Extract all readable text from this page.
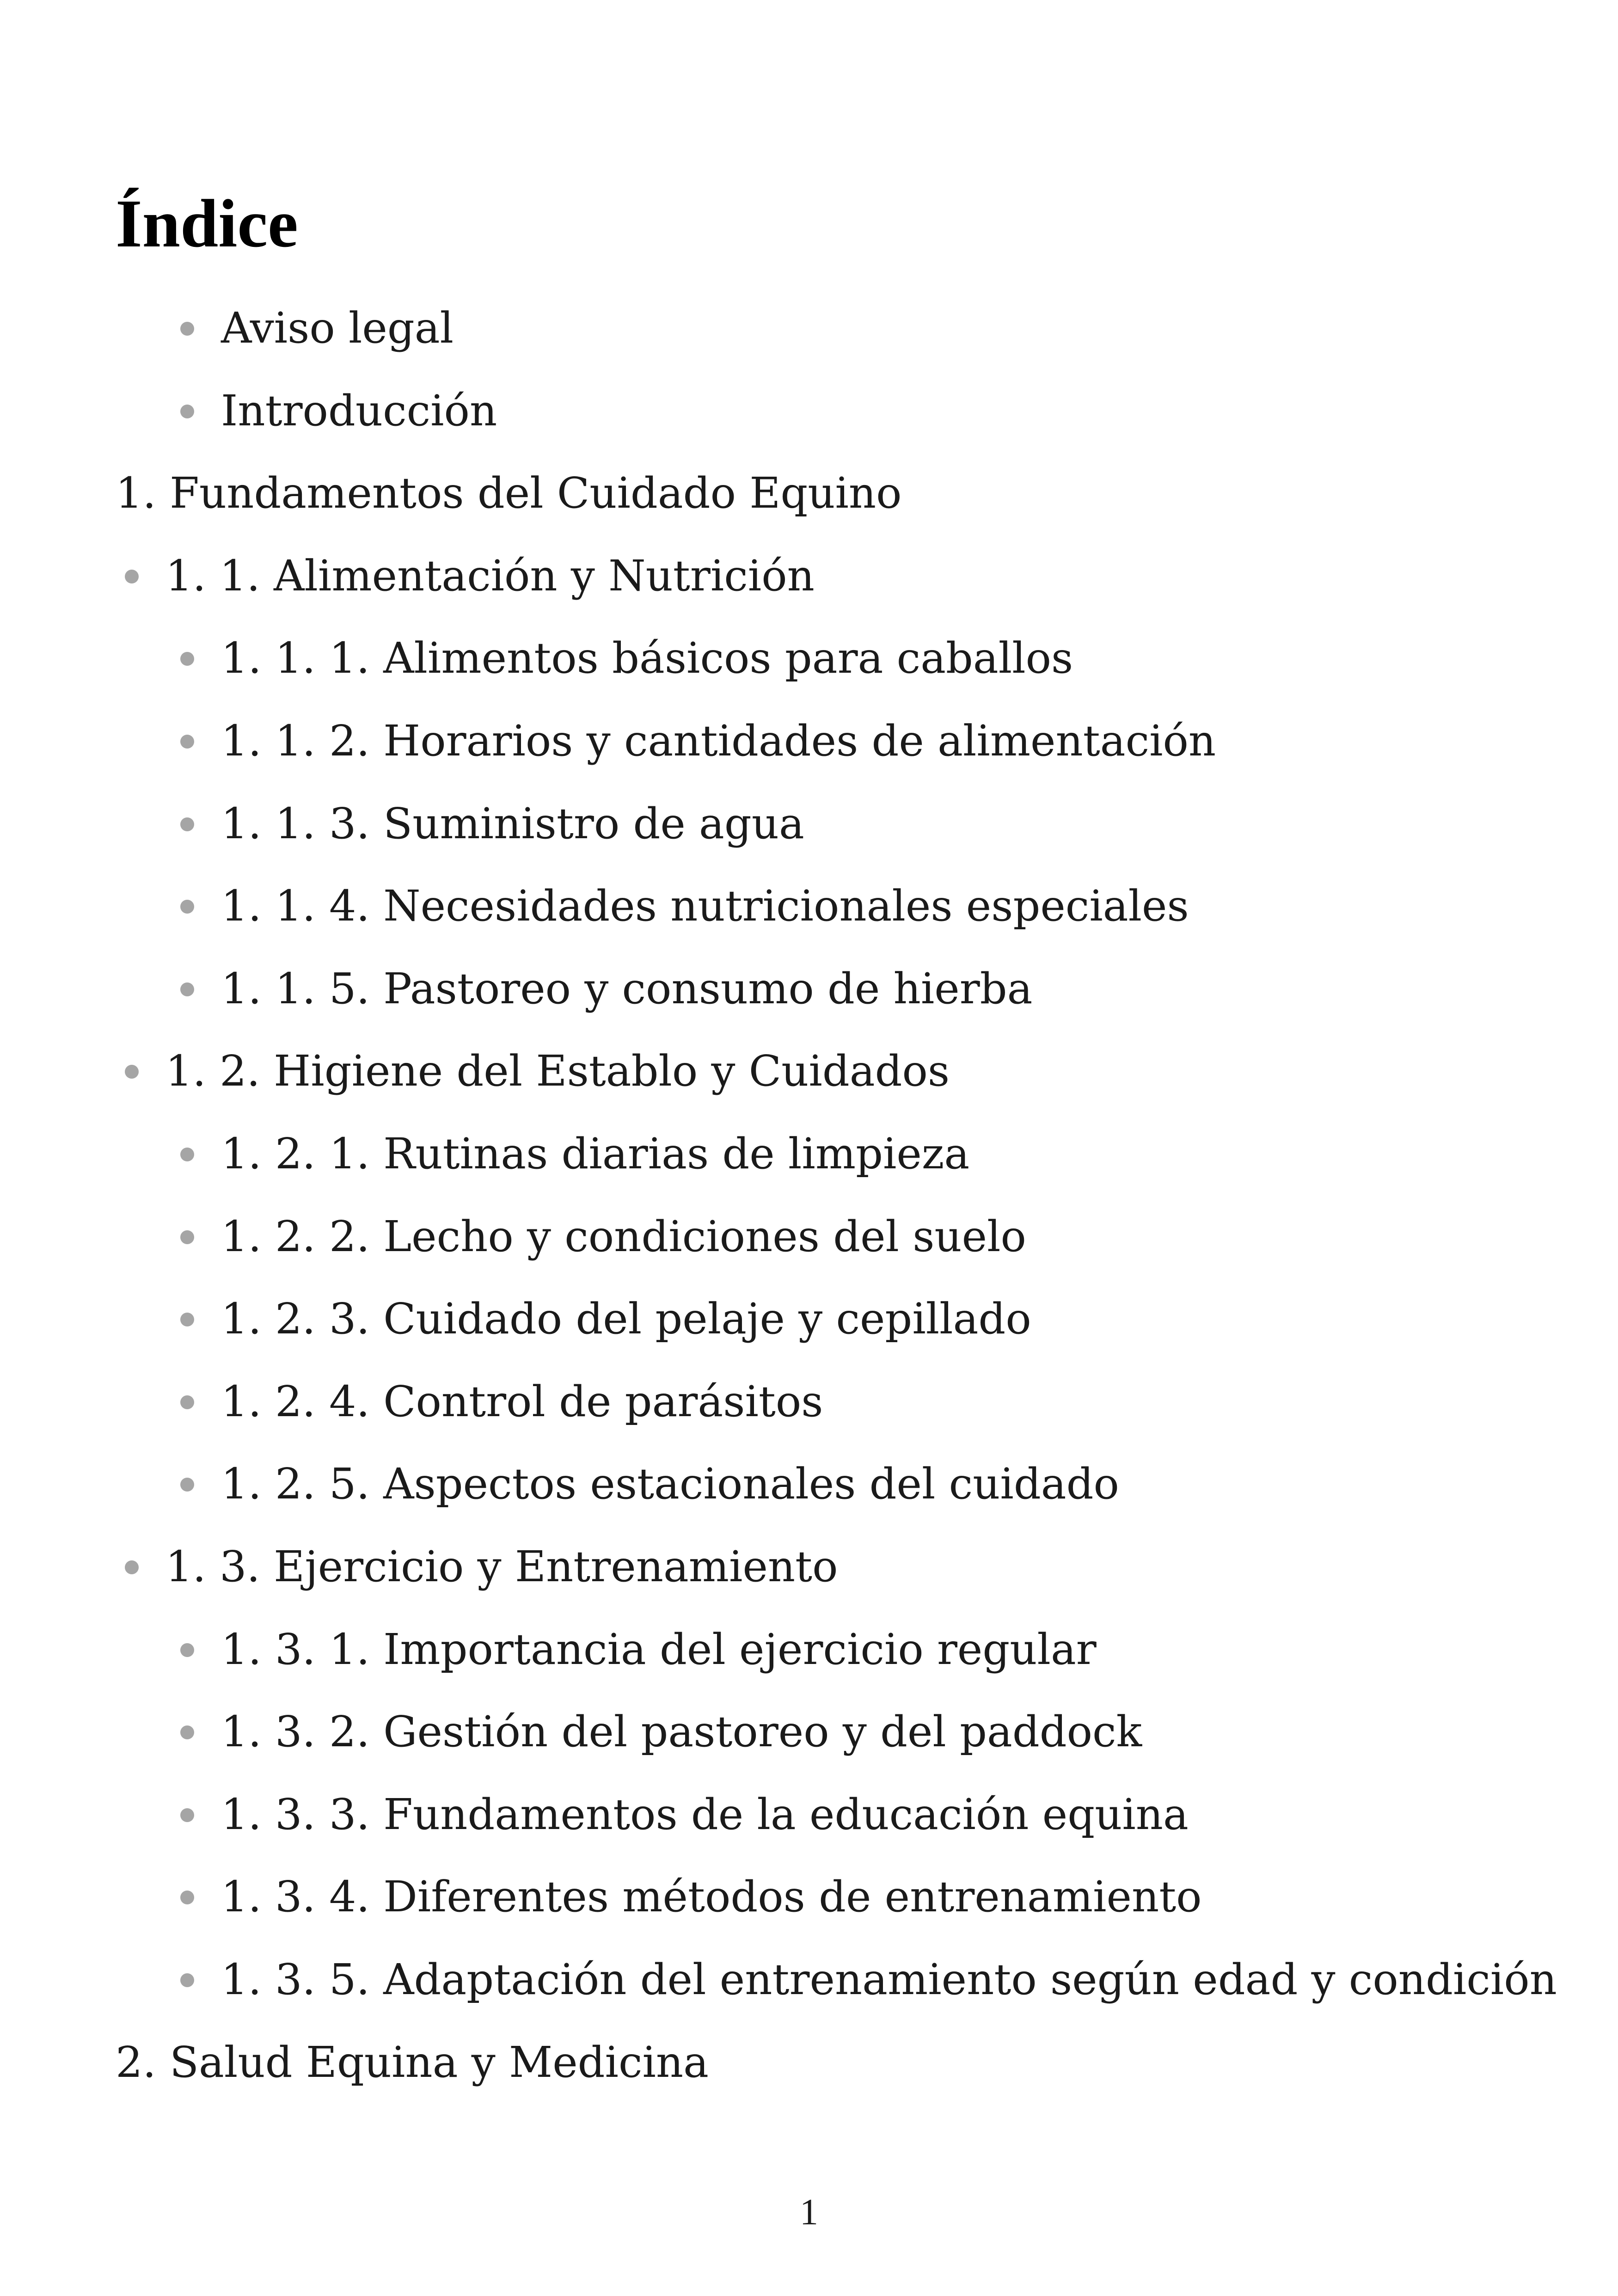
Índice
Aviso legal
Introducción
1. Fundamentos del Cuidado Equino
1. 1. Alimentación y Nutrición
1. 1. 1. Alimentos básicos para caballos
1. 1. 2. Horarios y cantidades de alimentación
1. 1. 3. Suministro de agua
1. 1. 4. Necesidades nutricionales especiales
1. 1. 5. Pastoreo y consumo de hierba
1. 2. Higiene del Establo y Cuidados
1. 2. 1. Rutinas diarias de limpieza
1. 2. 2. Lecho y condiciones del suelo
1. 2. 3. Cuidado del pelaje y cepillado
1. 2. 4. Control de parásitos
1. 2. 5. Aspectos estacionales del cuidado
1. 3. Ejercicio y Entrenamiento
1. 3. 1. Importancia del ejercicio regular
1. 3. 2. Gestión del pastoreo y del paddock
1. 3. 3. Fundamentos de la educación equina
1. 3. 4. Diferentes métodos de entrenamiento
1. 3. 5. Adaptación del entrenamiento según edad y condición
2. Salud Equina y Medicina
1
